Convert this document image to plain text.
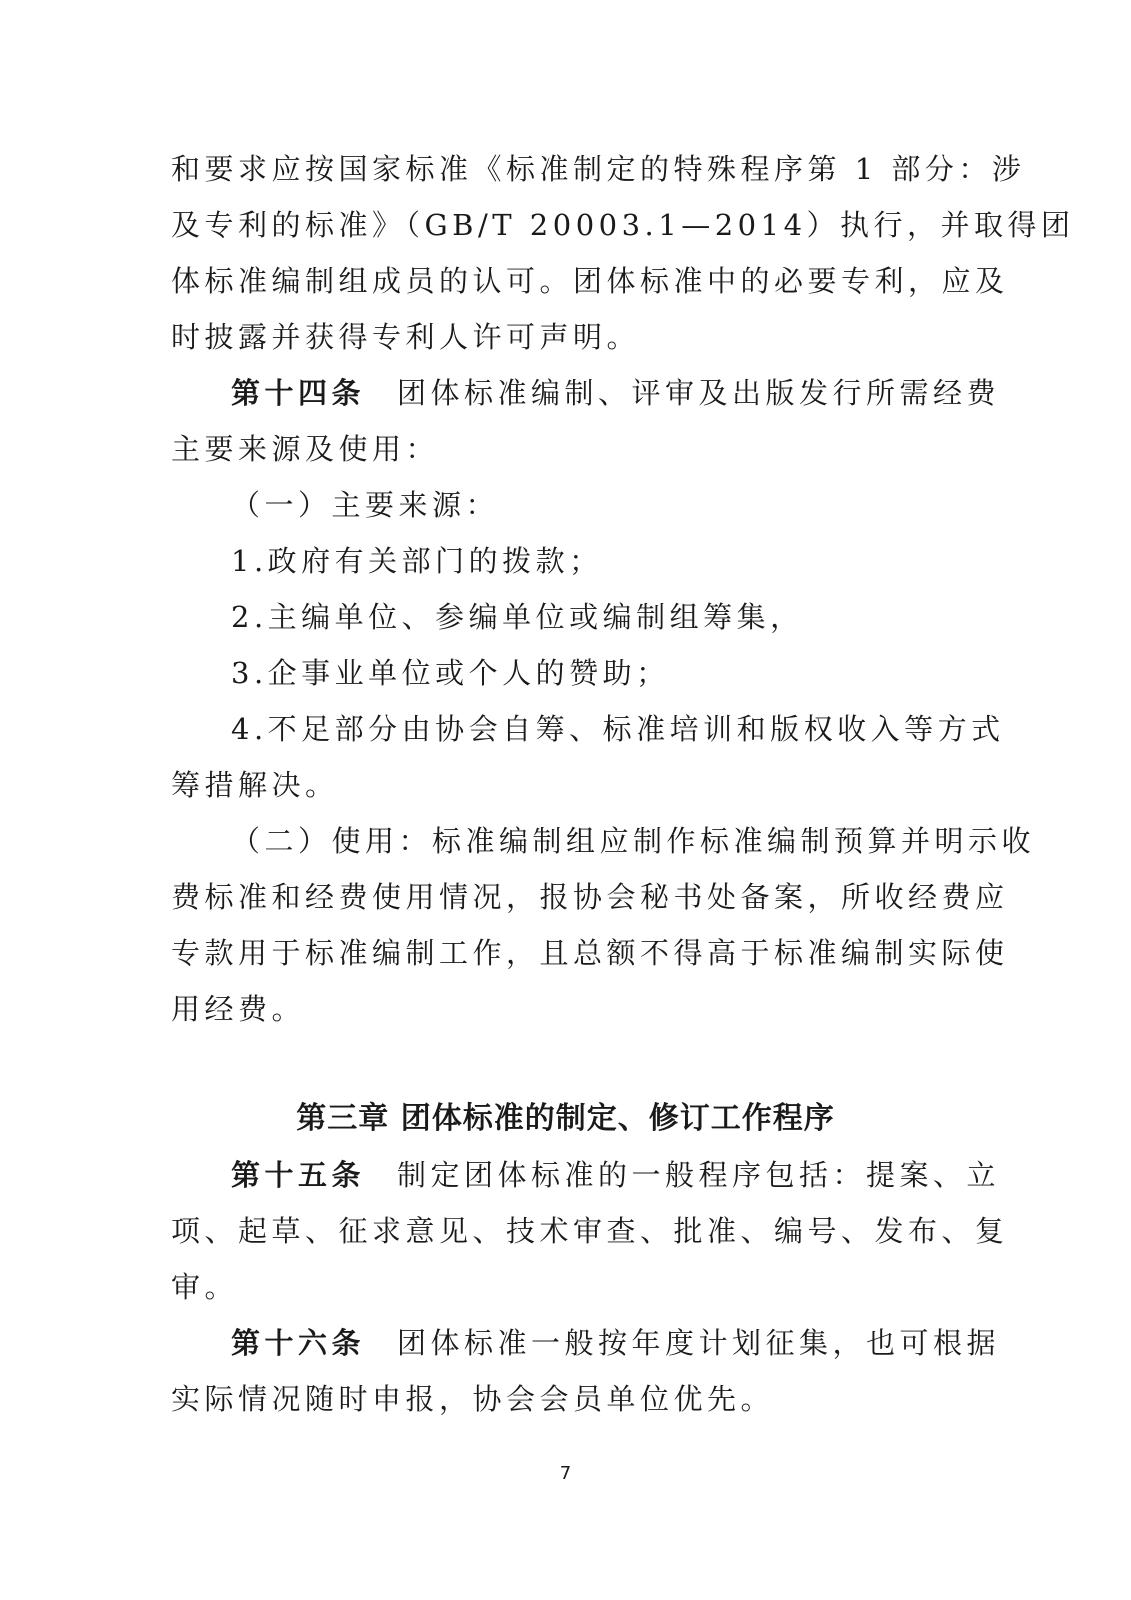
和要求应按国家标准《标准制定的特殊程序第 1 部分：涉
及专利的标准》（GB/T 20003.1—2014）执行，并取得团
体标准编制组成员的认可。团体标准中的必要专利，应及
时披露并获得专利人许可声明。
第十四条 团体标准编制、评审及出版发行所需经费
主要来源及使用：
（一）主要来源：
1.政府有关部门的拨款；
2.主编单位、参编单位或编制组筹集，
3.企事业单位或个人的赞助；
4.不足部分由协会自筹、标准培训和版权收入等方式
筹措解决。
（二）使用：标准编制组应制作标准编制预算并明示收
费标准和经费使用情况，报协会秘书处备案，所收经费应
专款用于标准编制工作，且总额不得高于标准编制实际使
用经费。
第三章 团体标准的制定、修订工作程序
第十五条 制定团体标准的一般程序包括：提案、立
项、起草、征求意见、技术审查、批准、编号、发布、复
审。
第十六条 团体标准一般按年度计划征集，也可根据
实际情况随时申报，协会会员单位优先。
7
